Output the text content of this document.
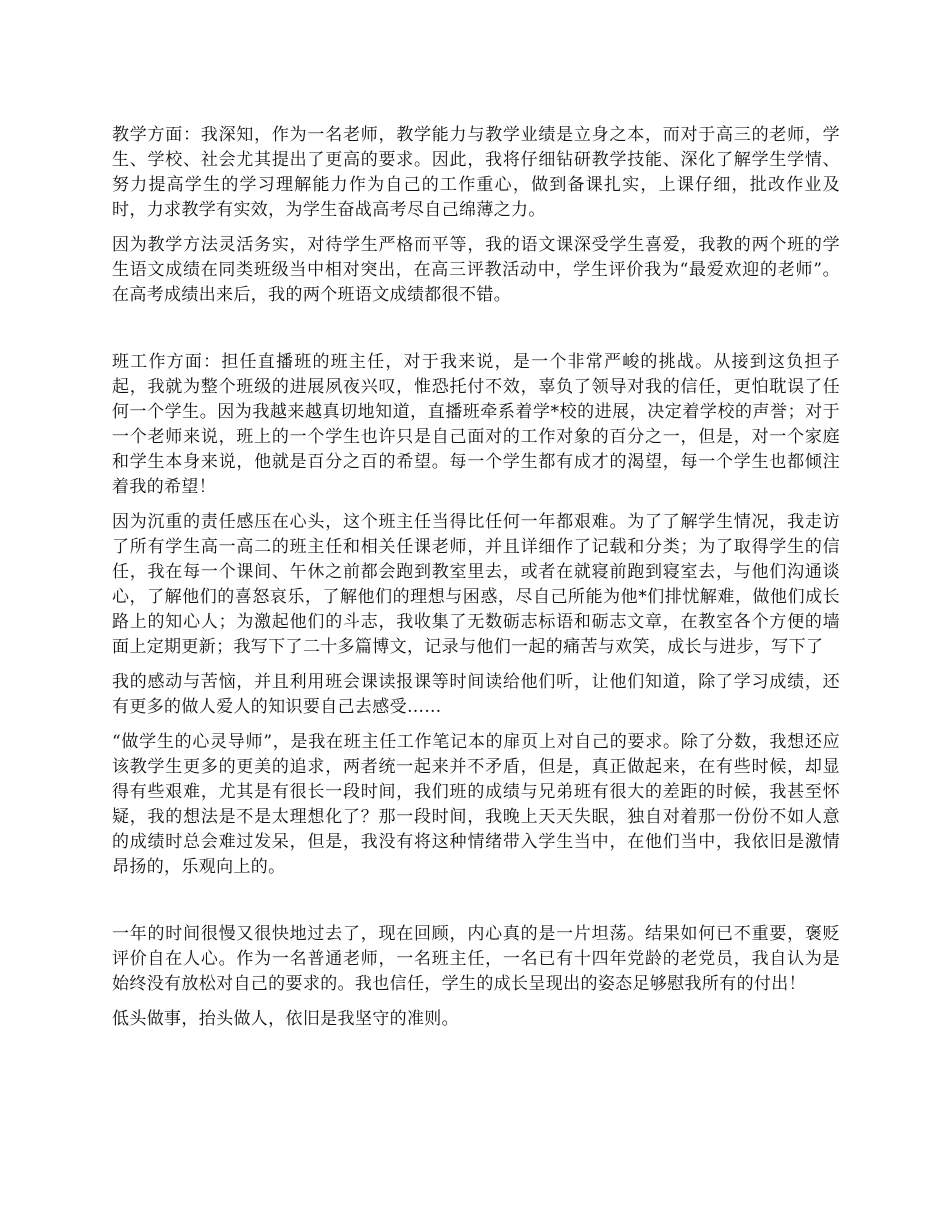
教学方面：我深知，作为一名老师，教学能力与教学业绩是立身之本，而对于高三的老师，学生、学校、社会尤其提出了更高的要求。因此，我将仔细钻研教学技能、深化了解学生学情、努力提高学生的学习理解能力作为自己的工作重心，做到备课扎实，上课仔细，批改作业及时，力求教学有实效，为学生奋战高考尽自己绵薄之力。

因为教学方法灵活务实，对待学生严格而平等，我的语文课深受学生喜爱，我教的两个班的学生语文成绩在同类班级当中相对突出，在高三评教活动中，学生评价我为“最爱欢迎的老师”。在高考成绩出来后，我的两个班语文成绩都很不错。

班工作方面：担任直播班的班主任，对于我来说，是一个非常严峻的挑战。从接到这负担子起，我就为整个班级的进展夙夜兴叹，惟恐托付不效，辜负了领导对我的信任，更怕耽误了任何一个学生。因为我越来越真切地知道，直播班牵系着学*校的进展，决定着学校的声誉；对于一个老师来说，班上的一个学生也许只是自己面对的工作对象的百分之一，但是，对一个家庭和学生本身来说，他就是百分之百的希望。每一个学生都有成才的渴望，每一个学生也都倾注着我的希望！

因为沉重的责任感压在心头，这个班主任当得比任何一年都艰难。为了了解学生情况，我走访了所有学生高一高二的班主任和相关任课老师，并且详细作了记载和分类；为了取得学生的信任，我在每一个课间、午休之前都会跑到教室里去，或者在就寝前跑到寝室去，与他们沟通谈心，了解他们的喜怒哀乐，了解他们的理想与困惑，尽自己所能为他*们排忧解难，做他们成长路上的知心人；为激起他们的斗志，我收集了无数砺志标语和砺志文章，在教室各个方便的墙面上定期更新；我写下了二十多篇博文，记录与他们一起的痛苦与欢笑，成长与进步，写下了

我的感动与苦恼，并且利用班会课读报课等时间读给他们听，让他们知道，除了学习成绩，还有更多的做人爱人的知识要自己去感受……

“做学生的心灵导师”，是我在班主任工作笔记本的扉页上对自己的要求。除了分数，我想还应该教学生更多的更美的追求，两者统一起来并不矛盾，但是，真正做起来，在有些时候，却显得有些艰难，尤其是有很长一段时间，我们班的成绩与兄弟班有很大的差距的时候，我甚至怀疑，我的想法是不是太理想化了？那一段时间，我晚上天天失眠，独自对着那一份份不如人意的成绩时总会难过发呆，但是，我没有将这种情绪带入学生当中，在他们当中，我依旧是激情昂扬的，乐观向上的。

一年的时间很慢又很快地过去了，现在回顾，内心真的是一片坦荡。结果如何已不重要，褒贬评价自在人心。作为一名普通老师，一名班主任，一名已有十四年党龄的老党员，我自认为是始终没有放松对自己的要求的。我也信任，学生的成长呈现出的姿态足够慰我所有的付出！

低头做事，抬头做人，依旧是我坚守的准则。
